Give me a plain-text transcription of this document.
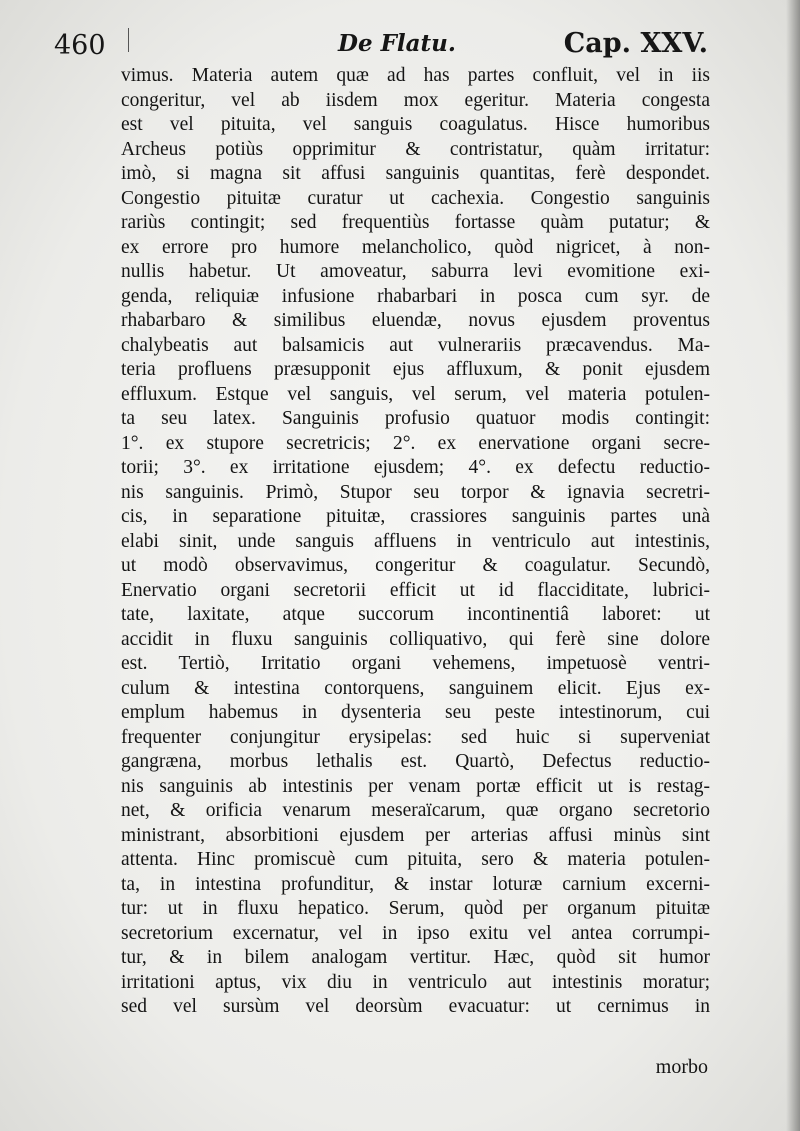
460	De Flatu.	Cap. XXV.
vimus. Materia autem quæ ad has partes confluit, vel in iis
congeritur, vel ab iisdem mox egeritur. Materia congesta
est vel pituita, vel sanguis coagulatus. Hisce humoribus
Archeus potiùs opprimitur & contristatur, quàm irritatur:
imò, si magna sit affusi sanguinis quantitas, ferè despondet.
Congestio pituitæ curatur ut cachexia. Congestio sanguinis
rariùs contingit; sed frequentiùs fortasse quàm putatur; &
ex errore pro humore melancholico, quòd nigricet, à non-
nullis habetur. Ut amoveatur, saburra levi evomitione exi-
genda, reliquiæ infusione rhabarbari in posca cum syr. de
rhabarbaro & similibus eluendæ, novus ejusdem proventus
chalybeatis aut balsamicis aut vulnerariis præcavendus. Ma-
teria profluens præsupponit ejus affluxum, & ponit ejusdem
effluxum. Estque vel sanguis, vel serum, vel materia potulen-
ta seu latex. Sanguinis profusio quatuor modis contingit:
1°. ex stupore secretricis; 2°. ex enervatione organi secre-
torii; 3°. ex irritatione ejusdem; 4°. ex defectu reductio-
nis sanguinis. Primò, Stupor seu torpor & ignavia secretri-
cis, in separatione pituitæ, crassiores sanguinis partes unà
elabi sinit, unde sanguis affluens in ventriculo aut intestinis,
ut modò observavimus, congeritur & coagulatur. Secundò,
Enervatio organi secretorii efficit ut id flacciditate, lubrici-
tate, laxitate, atque succorum incontinentiâ laboret: ut
accidit in fluxu sanguinis colliquativo, qui ferè sine dolore
est. Tertiò, Irritatio organi vehemens, impetuosè ventri-
culum & intestina contorquens, sanguinem elicit. Ejus ex-
emplum habemus in dysenteria seu peste intestinorum, cui
frequenter conjungitur erysipelas: sed huic si superveniat
gangræna, morbus lethalis est. Quartò, Defectus reductio-
nis sanguinis ab intestinis per venam portæ efficit ut is restag-
net, & orificia venarum meseraïcarum, quæ organo secretorio
ministrant, absorbitioni ejusdem per arterias affusi minùs sint
attenta. Hinc promiscuè cum pituita, sero & materia potulen-
ta, in intestina profunditur, & instar loturæ carnium excerni-
tur: ut in fluxu hepatico. Serum, quòd per organum pituitæ
secretorium excernatur, vel in ipso exitu vel antea corrumpi-
tur, & in bilem analogam vertitur. Hæc, quòd sit humor
irritationi aptus, vix diu in ventriculo aut intestinis moratur;
sed vel sursùm vel deorsùm evacuatur: ut cernimus in
morbo
